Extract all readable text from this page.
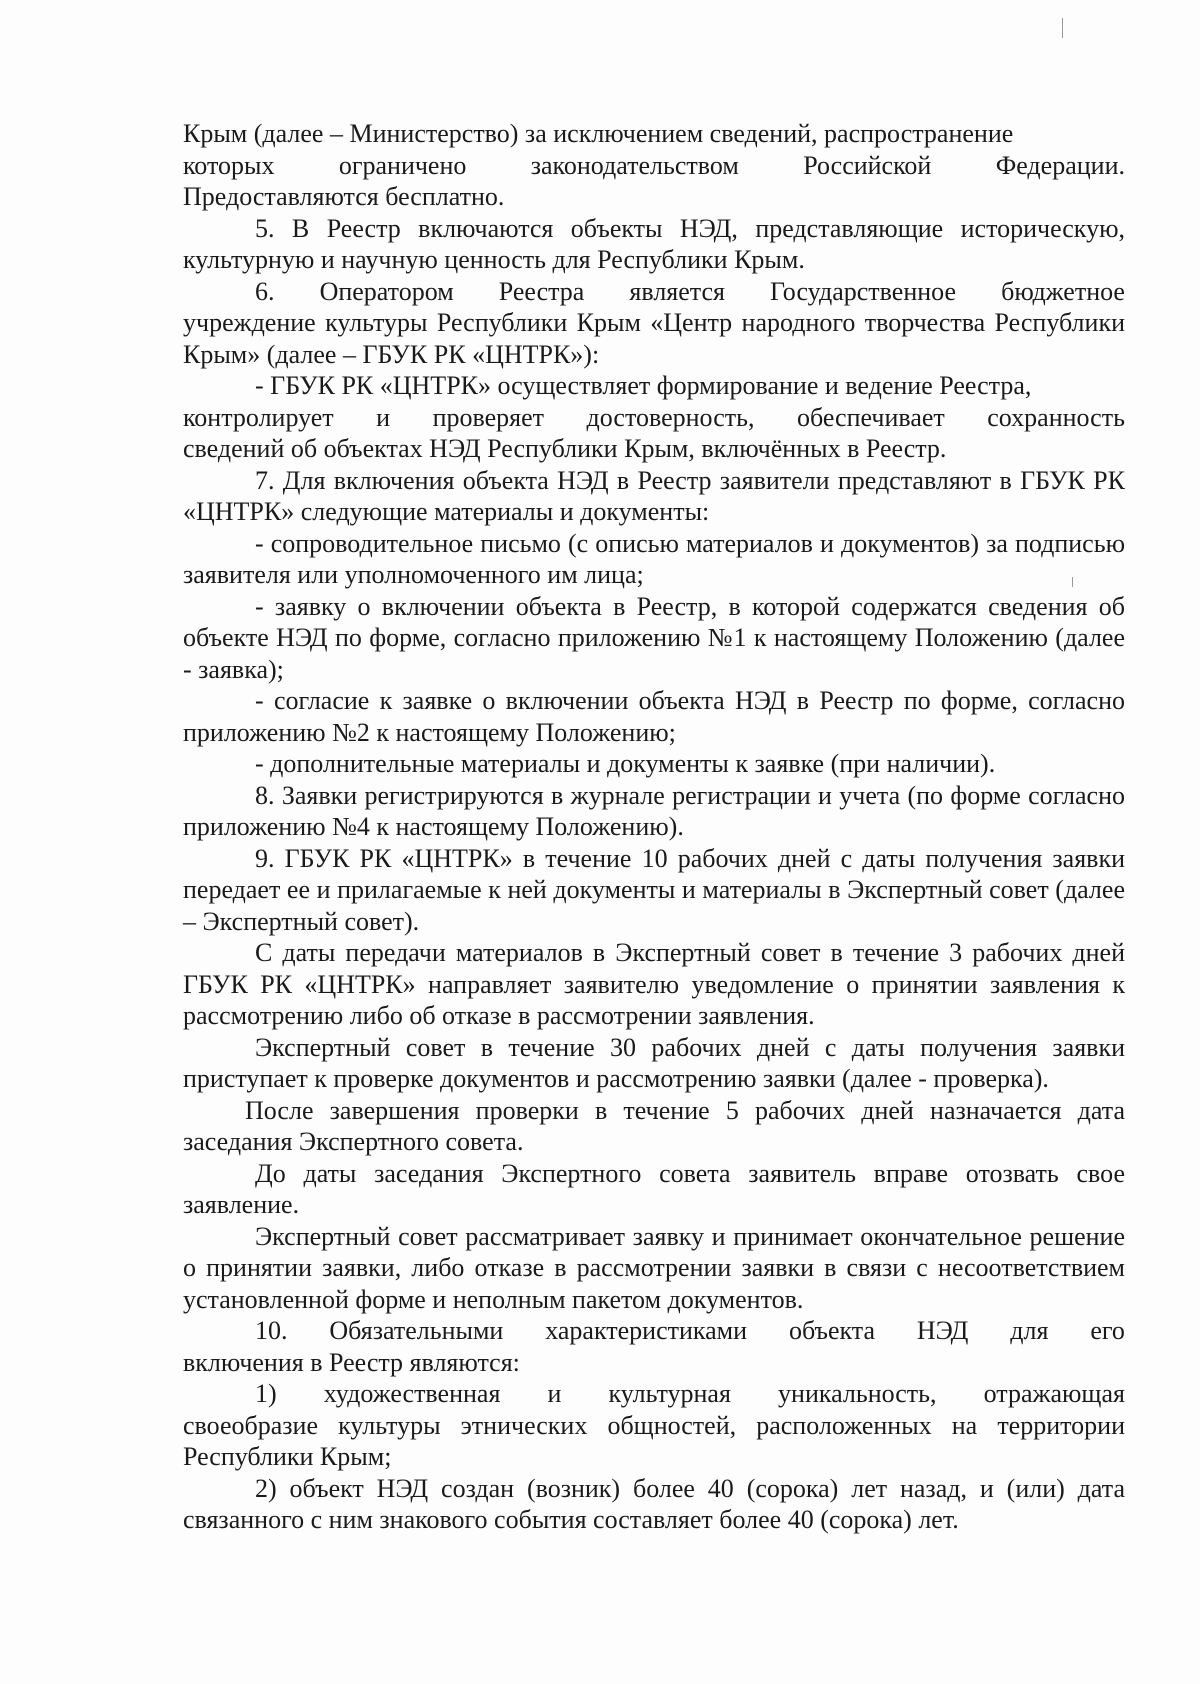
Крым (далее – Министерство) за исключением сведений, распространение

которых ограничено законодательством Российской Федерации.

Предоставляются бесплатно.

5. В Реестр включаются объекты НЭД, представляющие историческую, культурную и научную ценность для Республики Крым.

6. Оператором Реестра является Государственное бюджетное

учреждение культуры Республики Крым «Центр народного творчества Республики Крым» (далее – ГБУК РК «ЦНТРК»):

- ГБУК РК «ЦНТРК» осуществляет формирование и ведение Реестра,

контролирует и проверяет достоверность, обеспечивает сохранность

сведений об объектах НЭД Республики Крым, включённых в Реестр.

7. Для включения объекта НЭД в Реестр заявители представляют в ГБУК РК «ЦНТРК» следующие материалы и документы:

- сопроводительное письмо (с описью материалов и документов) за подписью заявителя или уполномоченного им лица;

- заявку о включении объекта в Реестр, в которой содержатся сведения об объекте НЭД по форме, согласно приложению №1 к настоящему Положению (далее - заявка);

- согласие к заявке о включении объекта НЭД в Реестр по форме, согласно приложению №2 к настоящему Положению;

- дополнительные материалы и документы к заявке (при наличии).

8. Заявки регистрируются в журнале регистрации и учета (по форме согласно приложению №4 к настоящему Положению).

9. ГБУК РК «ЦНТРК» в течение 10 рабочих дней с даты получения заявки передает ее и прилагаемые к ней документы и материалы в Экспертный совет (далее – Экспертный совет).

С даты передачи материалов в Экспертный совет в течение 3 рабочих дней ГБУК РК «ЦНТРК» направляет заявителю уведомление о принятии заявления к рассмотрению либо об отказе в рассмотрении заявления.

Экспертный совет в течение 30 рабочих дней с даты получения заявки приступает к проверке документов и рассмотрению заявки (далее - проверка).

После завершения проверки в течение 5 рабочих дней назначается дата заседания Экспертного совета.

До даты заседания Экспертного совета заявитель вправе отозвать свое заявление.

Экспертный совет рассматривает заявку и принимает окончательное решение о принятии заявки, либо отказе в рассмотрении заявки в связи с несоответствием установленной форме и неполным пакетом документов.

10. Обязательными характеристиками объекта НЭД для его

включения в Реестр являются:

1) художественная и культурная уникальность, отражающая

своеобразие культуры этнических общностей, расположенных на территории Республики Крым;

2) объект НЭД создан (возник) более 40 (сорока) лет назад, и (или) дата связанного с ним знакового события составляет более 40 (сорока) лет.
